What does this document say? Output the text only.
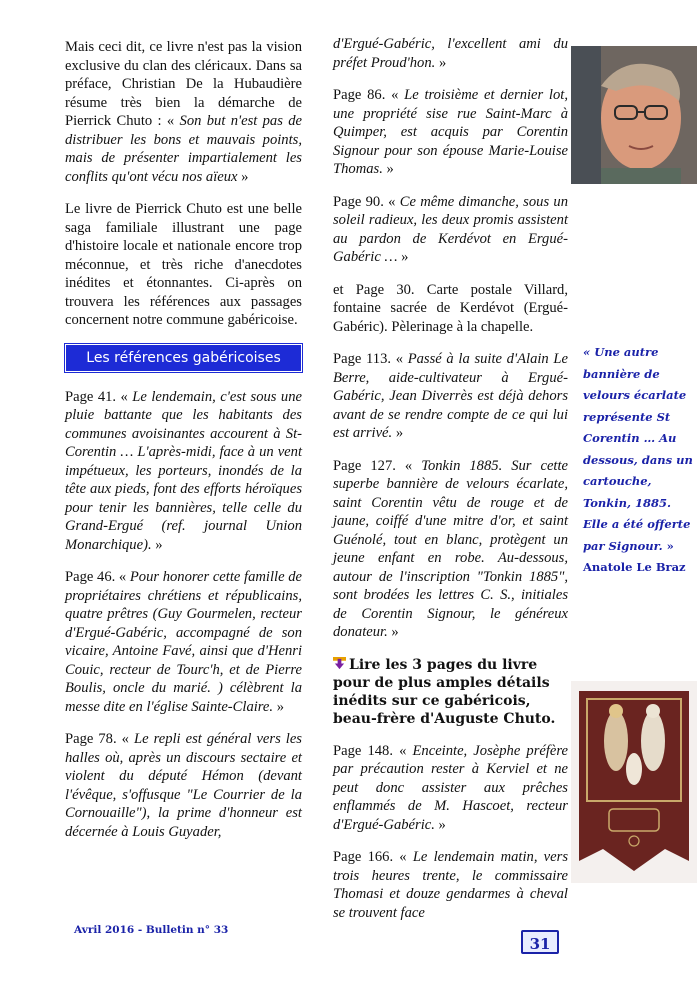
Mais ceci dit, ce livre n'est pas la vision exclusive du clan des cléricaux. Dans sa préface, Christian De la Hubaudière résume très bien la démarche de Pierrick Chuto : « Son but n'est pas de distribuer les bons et mauvais points, mais de présenter impartialement les conflits qu'ont vécu nos aïeux »

Le livre de Pierrick Chuto est une belle saga familiale illustrant une page d'histoire locale et nationale encore trop méconnue, et très riche d'anecdotes inédites et étonnantes. Ci-après on trouvera les références aux passages concernent notre commune gabéricoise.

Les références gabéricoises

Page 41. « Le lendemain, c'est sous une pluie battante que les habitants des communes avoisinantes accourent à St-Corentin … L'après-midi, face à un vent impétueux, les porteurs, inondés de la tête aux pieds, font des efforts héroïques pour tenir les bannières, telle celle du Grand-Ergué (ref. journal Union Monarchique). »

Page 46. « Pour honorer cette famille de propriétaires chrétiens et républicains, quatre prêtres (Guy Gourmelen, recteur d'Ergué-Gabéric, accompagné de son vicaire, Antoine Favé, ainsi que d'Henri Couic, recteur de Tourc'h, et de Pierre Boulis, oncle du marié. ) célèbrent la messe dite en l'église Sainte-Claire. »

Page 78. « Le repli est général vers les halles où, après un discours sectaire et violent du député Hémon (devant l'évêque, s'offusque "Le Courrier de la Cornouaille"), la prime d'honneur est décernée à Louis Guyader,

d'Ergué-Gabéric, l'excellent ami du préfet Proud'hon. »

Page 86. « Le troisième et dernier lot, une propriété sise rue Saint-Marc à Quimper, est acquis par Corentin Signour pour son épouse Marie-Louise Thomas. »

Page 90. « Ce même dimanche, sous un soleil radieux, les deux promis assistent au pardon de Kerdévot en Ergué-Gabéric … »

et Page 30. Carte postale Villard, fontaine sacrée de Kerdévot (Ergué-Gabéric). Pèlerinage à la chapelle.

Page 113. « Passé à la suite d'Alain Le Berre, aide-cultivateur à Ergué-Gabéric, Jean Diverrès est déjà dehors avant de se rendre compte de ce qui lui est arrivé. »

Page 127. « Tonkin 1885. Sur cette superbe bannière de velours écarlate, saint Corentin vêtu de rouge et de jaune, coiffé d'une mitre d'or, et saint Guénolé, tout en blanc, protègent un jeune enfant en robe. Au-dessous, autour de l'inscription "Tonkin 1885", sont brodées les lettres C. S., initiales de Corentin Signour, le généreux donateur. »

Lire les 3 pages du livre pour de plus amples détails inédits sur ce gabéricois, beau-frère d'Auguste Chuto.

Page 148. « Enceinte, Josèphe préfère par précaution rester à Kerviel et ne peut donc assister aux prêches enflammés de M. Hascoet, recteur d'Ergué-Gabéric. »

Page 166. « Le lendemain matin, vers trois heures trente, le commissaire Thomasi et douze gendarmes à cheval se trouvent face

« Une autre bannière de velours écarlate représente St Corentin … Au dessous, dans un cartouche, Tonkin, 1885. Elle a été offerte par Signour. » Anatole Le Braz
Avril 2016 - Bulletin n° 33
31
